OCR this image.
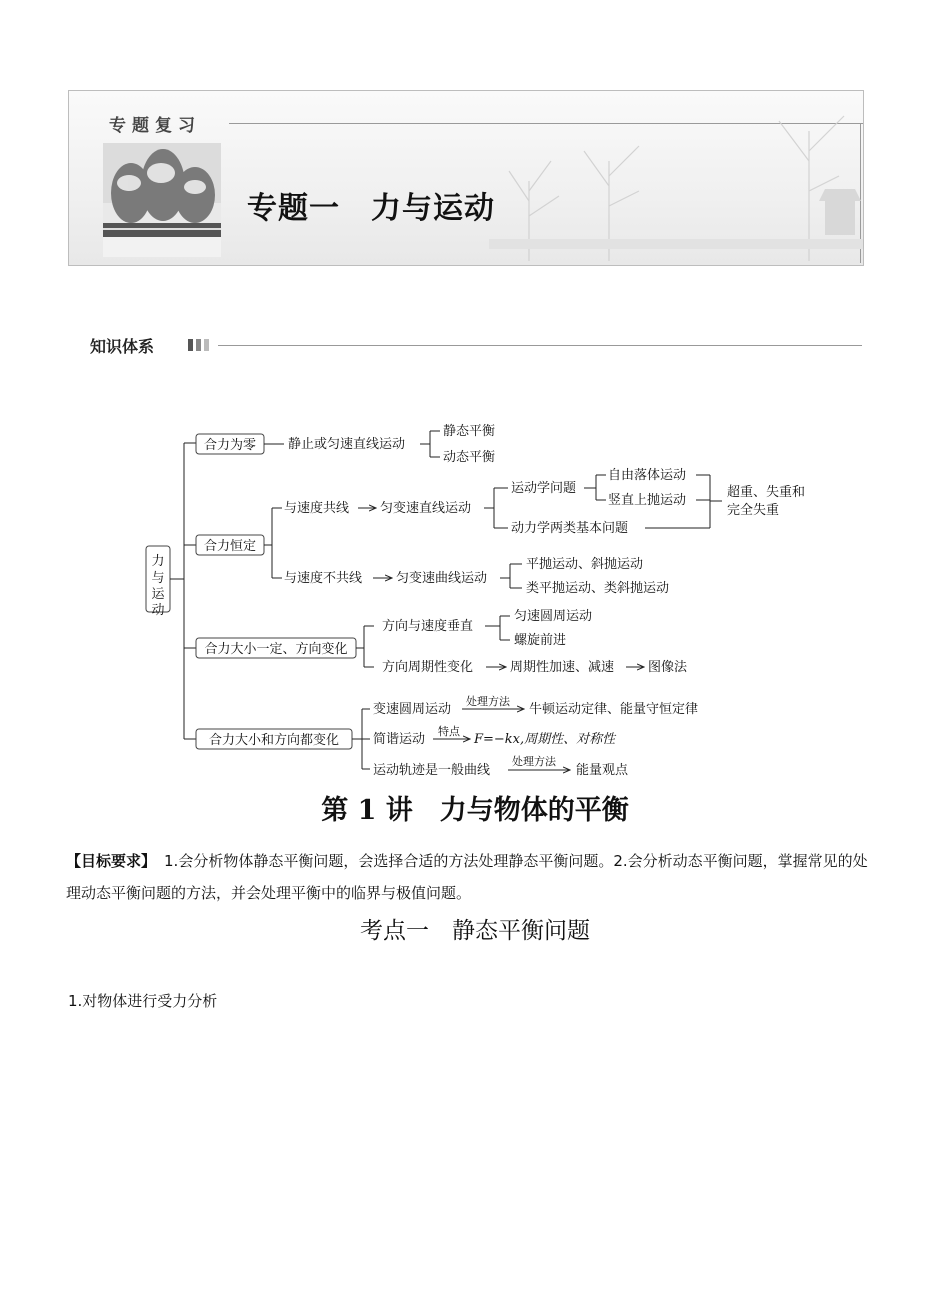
专题复习
专题一　力与运动
知识体系
力
与
运
动
合力为零 静止或匀速直线运动
静态平衡
动态平衡
合力恒定
与速度共线 匀变速直线运动
运动学问题
自由落体运动
竖直上抛运动
动力学两类基本问题
超重、失重和
完全失重
与速度不共线	匀变速曲线运动
平抛运动、斜抛运动
类平抛运动、类斜抛运动
合力大小一定、方向变化
方向与速度垂直
匀速圆周运动
螺旋前进
方向周期性变化	周期性加速、减速	图像法
合力大小和方向都变化
变速圆周运动
处理方法
牛顿运动定律、能量守恒定律
简谐运动
特点
F=−kx,周期性、对称性
运动轨迹是一般曲线
处理方法
能量观点
第 1 讲　力与物体的平衡
【目标要求】 1.会分析物体静态平衡问题，会选择合适的方法处理静态平衡问题。2.会分析动态平衡问题，掌握常见的处理动态平衡问题的方法，并会处理平衡中的临界与极值问题。
考点一　静态平衡问题
1.对物体进行受力分析
